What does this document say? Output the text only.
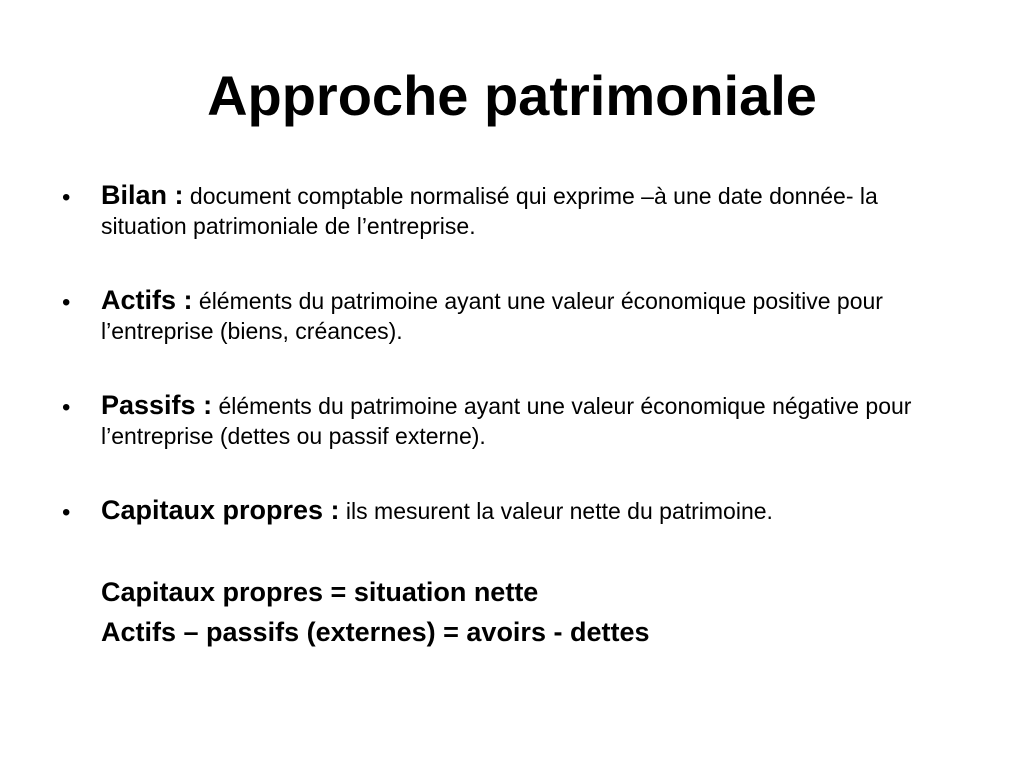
Approche patrimoniale
• Bilan : document comptable normalisé qui exprime –à une date donnée- la situation patrimoniale de l’entreprise.
• Actifs : éléments du patrimoine ayant une valeur économique positive pour l’entreprise (biens, créances).
• Passifs : éléments du patrimoine ayant une valeur économique négative pour l’entreprise (dettes ou passif externe).
• Capitaux propres : ils mesurent la valeur nette du patrimoine.
Capitaux propres = situation nette
Actifs – passifs (externes) = avoirs - dettes
